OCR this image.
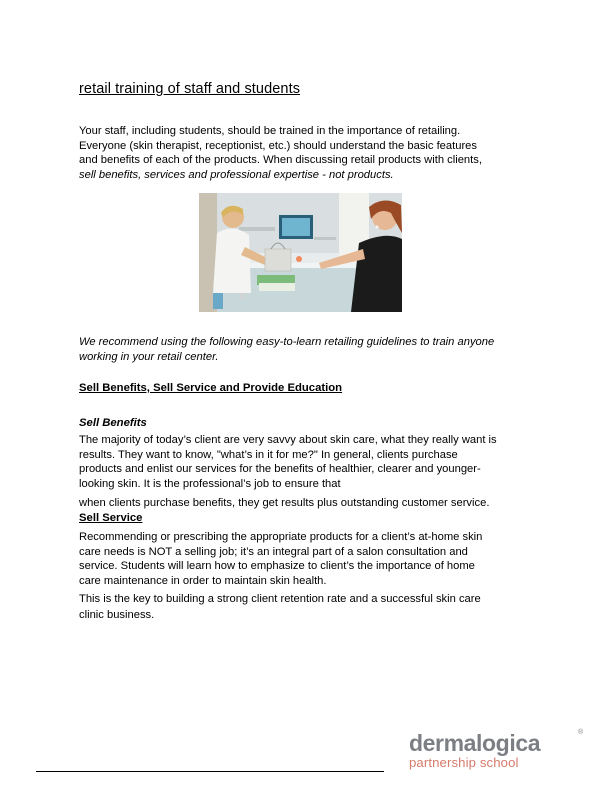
retail training of staff and students
Your staff, including students, should be trained in the importance of retailing.
Everyone (skin therapist, receptionist, etc.) should understand the basic features
and benefits of each of the products. When discussing retail products with clients,
sell benefits, services and professional expertise - not products.
We recommend using the following easy-to-learn retailing guidelines to train anyone
working in your retail center.
Sell Benefits, Sell Service and Provide Education
Sell Benefits
The majority of today’s client are very savvy about skin care, what they really want is
results. They want to know, "what’s in it for me?" In general, clients purchase
products and enlist our services for the benefits of healthier, clearer and younger-
looking skin. It is the professional’s job to ensure that
when clients purchase benefits, they get results plus outstanding customer service.
Sell Service
Recommending or prescribing the appropriate products for a client’s at-home skin
care needs is NOT a selling job; it’s an integral part of a salon consultation and
service. Students will learn how to emphasize to client’s the importance of home
care maintenance in order to maintain skin health.
This is the key to building a strong client retention rate and a successful skin care
clinic business.
dermalogica	®
partnership school
